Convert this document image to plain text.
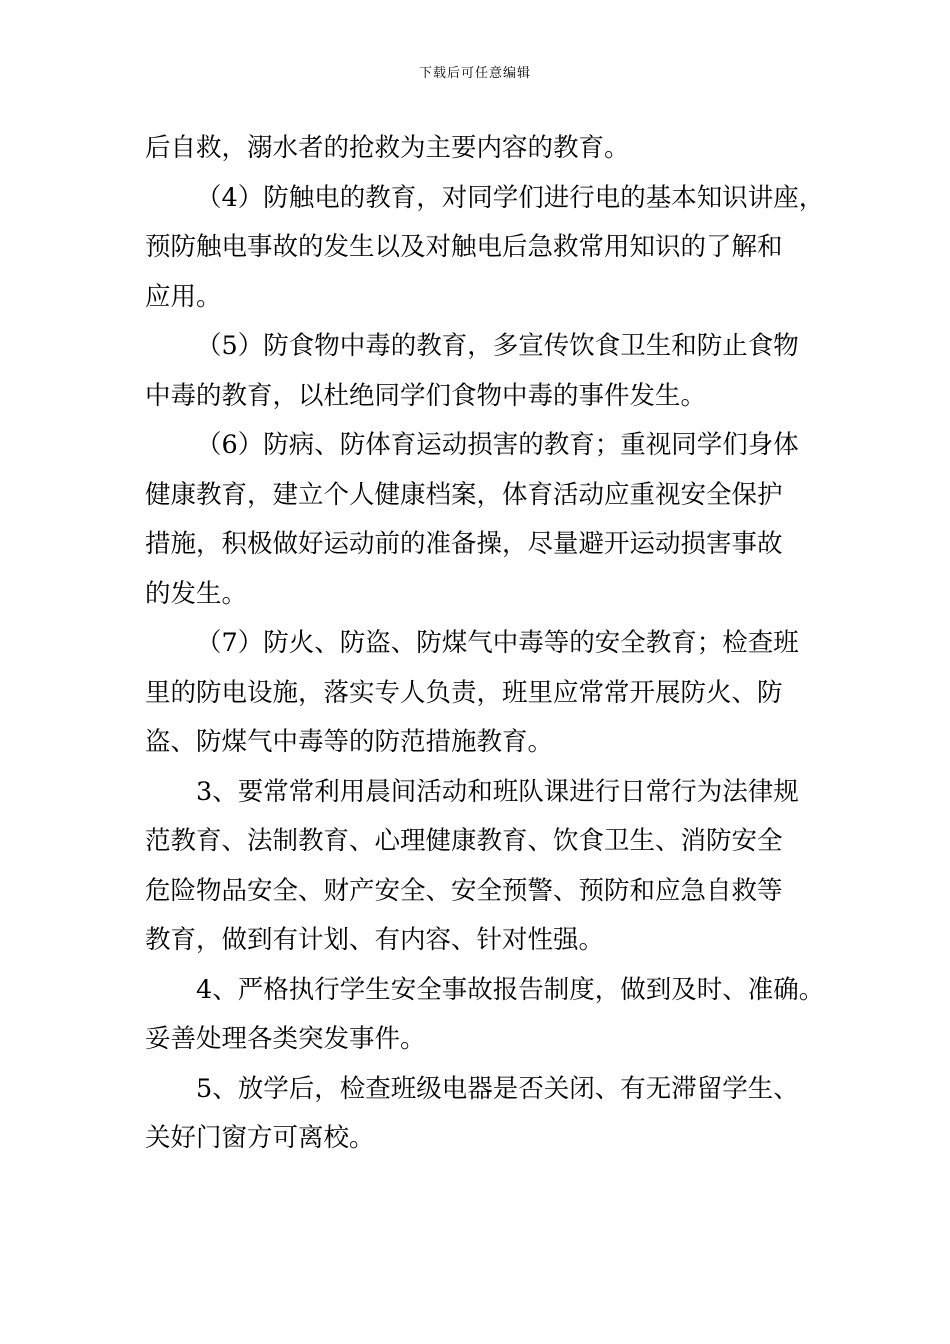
下载后可任意编辑

后自救，溺水者的抢救为主要内容的教育。

（4）防触电的教育，对同学们进行电的基本知识讲座，
预防触电事故的发生以及对触电后急救常用知识的了解和
应用。

（5）防食物中毒的教育，多宣传饮食卫生和防止食物
中毒的教育，以杜绝同学们食物中毒的事件发生。

（6）防病、防体育运动损害的教育；重视同学们身体
健康教育，建立个人健康档案，体育活动应重视安全保护
措施，积极做好运动前的准备操，尽量避开运动损害事故
的发生。

（7）防火、防盗、防煤气中毒等的安全教育；检查班
里的防电设施，落实专人负责，班里应常常开展防火、防
盗、防煤气中毒等的防范措施教育。

3、要常常利用晨间活动和班队课进行日常行为法律规
范教育、法制教育、心理健康教育、饮食卫生、消防安全
危险物品安全、财产安全、安全预警、预防和应急自救等
教育，做到有计划、有内容、针对性强。

4、严格执行学生安全事故报告制度，做到及时、准确。
妥善处理各类突发事件。

5、放学后，检查班级电器是否关闭、有无滞留学生、
关好门窗方可离校。
